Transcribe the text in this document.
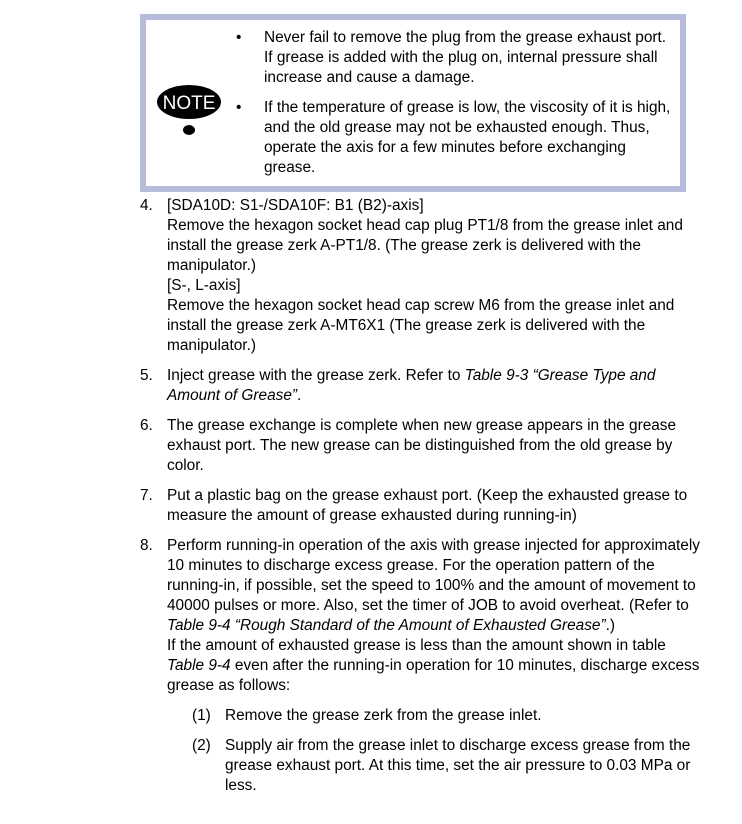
NOTE
• Never fail to remove the plug from the grease exhaust port. If grease is added with the plug on, internal pressure shall increase and cause a damage.
• If the temperature of grease is low, the viscosity of it is high, and the old grease may not be exhausted enough. Thus, operate the axis for a few minutes before exchanging grease.
4. [SDA10D: S1-/SDA10F: B1 (B2)-axis]

Remove the hexagon socket head cap plug PT1/8 from the grease inlet and install the grease zerk A-PT1/8. (The grease zerk is delivered with the manipulator.)

[S-, L-axis]

Remove the hexagon socket head cap screw M6 from the grease inlet and install the grease zerk A-MT6X1 (The grease zerk is delivered with the manipulator.)

5. Inject grease with the grease zerk. Refer to Table 9-3 “Grease Type and Amount of Grease”.

6. The grease exchange is complete when new grease appears in the grease exhaust port. The new grease can be distinguished from the old grease by color.

7. Put a plastic bag on the grease exhaust port. (Keep the exhausted grease to measure the amount of grease exhausted during running-in)

8. Perform running-in operation of the axis with grease injected for approximately 10 minutes to discharge excess grease. For the operation pattern of the running-in, if possible, set the speed to 100% and the amount of movement to 40000 pulses or more. Also, set the timer of JOB to avoid overheat. (Refer to Table 9-4 “Rough Standard of the Amount of Exhausted Grease”.)

If the amount of exhausted grease is less than the amount shown in table Table 9-4 even after the running-in operation for 10 minutes, discharge excess grease as follows:

(1) Remove the grease zerk from the grease inlet.
(2) Supply air from the grease inlet to discharge excess grease from the grease exhaust port. At this time, set the air pressure to 0.03 MPa or less.
